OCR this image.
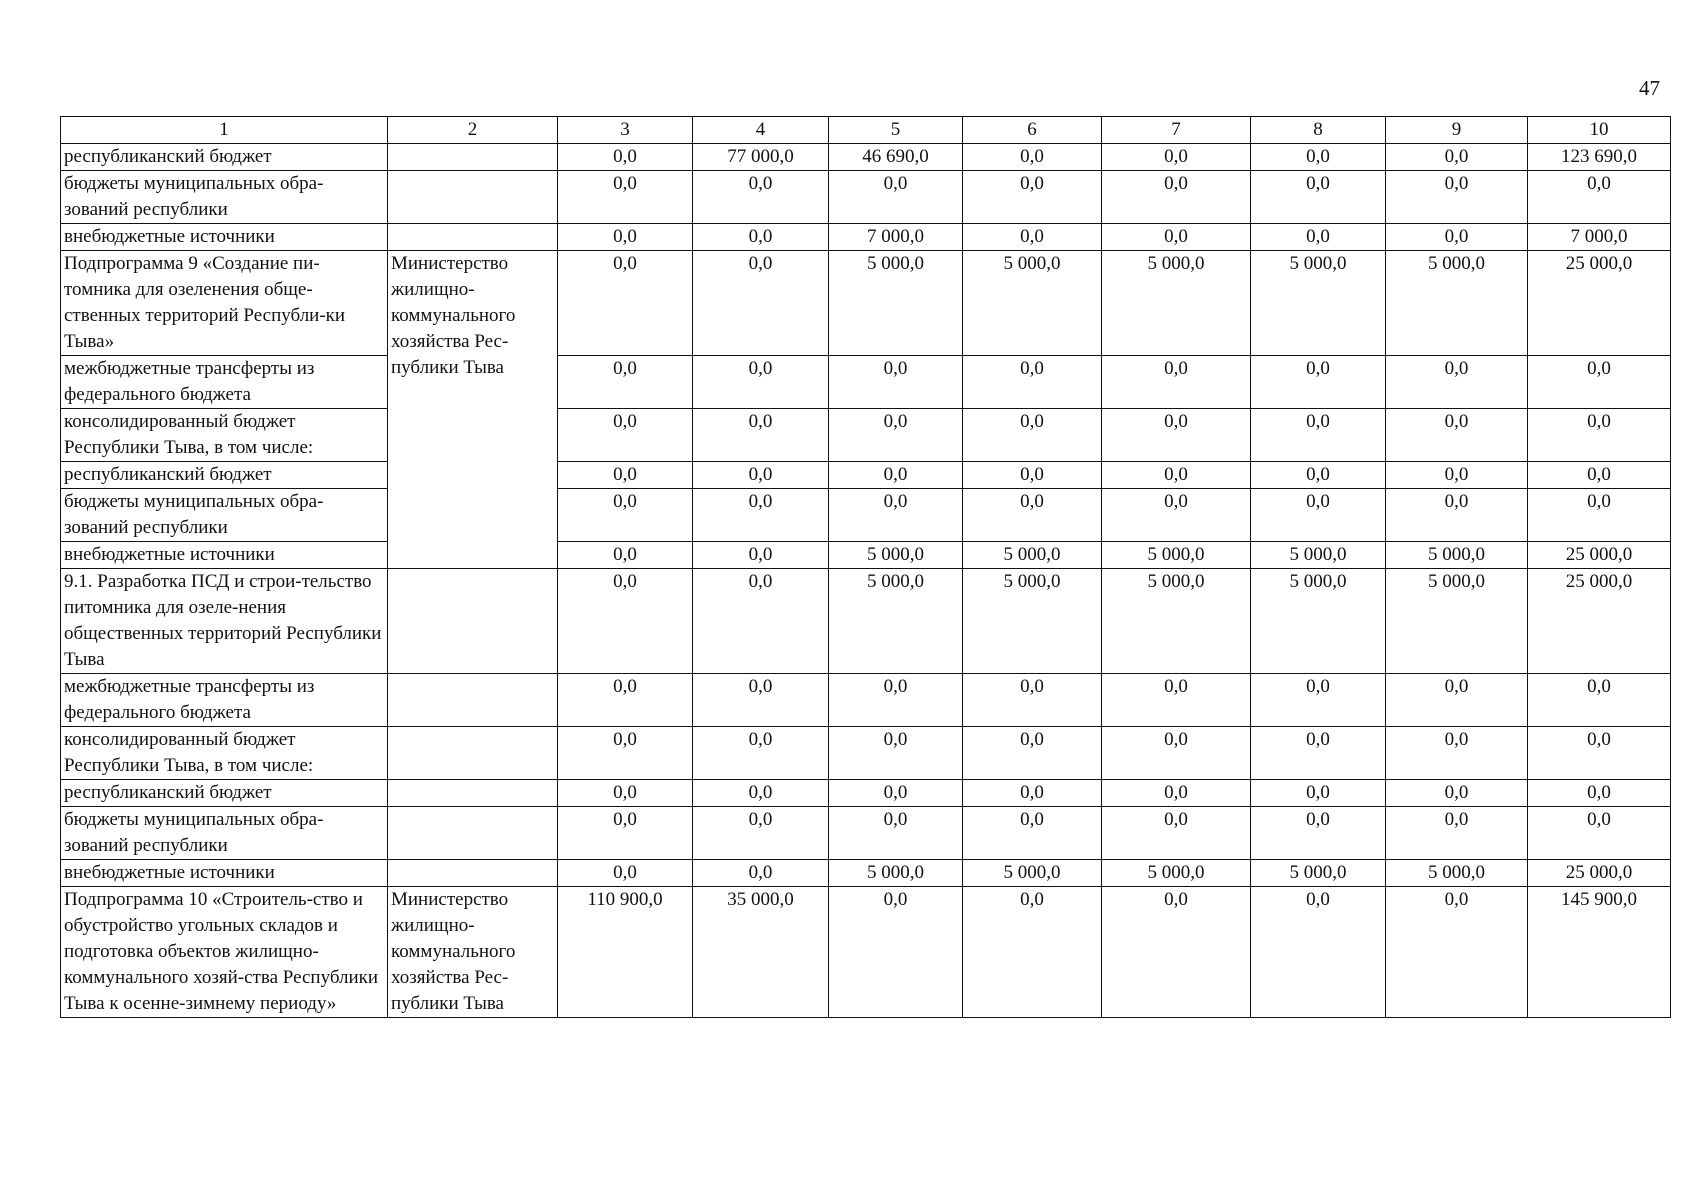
47
1	2	3	4	5	6	7	8	9	10
республиканский бюджет		0,0	77 000,0	46 690,0	0,0	0,0	0,0	0,0	123 690,0
бюджеты муниципальных обра-зований республики		0,0	0,0	0,0	0,0	0,0	0,0	0,0	0,0
внебюджетные источники		0,0	0,0	7 000,0	0,0	0,0	0,0	0,0	7 000,0
Подпрограмма 9 «Создание пи-томника для озеленения обще-ственных территорий Республи-ки Тыва»	Министерство жилищно-коммунального хозяйства Рес-публики Тыва	0,0	0,0	5 000,0	5 000,0	5 000,0	5 000,0	5 000,0	25 000,0
межбюджетные трансферты из федерального бюджета		0,0	0,0	0,0	0,0	0,0	0,0	0,0	0,0
консолидированный бюджет Республики Тыва, в том числе:		0,0	0,0	0,0	0,0	0,0	0,0	0,0	0,0
республиканский бюджет		0,0	0,0	0,0	0,0	0,0	0,0	0,0	0,0
бюджеты муниципальных обра-зований республики		0,0	0,0	0,0	0,0	0,0	0,0	0,0	0,0
внебюджетные источники		0,0	0,0	5 000,0	5 000,0	5 000,0	5 000,0	5 000,0	25 000,0
9.1. Разработка ПСД и строи-тельство питомника для озеле-нения общественных территорий Республики Тыва		0,0	0,0	5 000,0	5 000,0	5 000,0	5 000,0	5 000,0	25 000,0
межбюджетные трансферты из федерального бюджета		0,0	0,0	0,0	0,0	0,0	0,0	0,0	0,0
консолидированный бюджет Республики Тыва, в том числе:		0,0	0,0	0,0	0,0	0,0	0,0	0,0	0,0
республиканский бюджет		0,0	0,0	0,0	0,0	0,0	0,0	0,0	0,0
бюджеты муниципальных обра-зований республики		0,0	0,0	0,0	0,0	0,0	0,0	0,0	0,0
внебюджетные источники		0,0	0,0	5 000,0	5 000,0	5 000,0	5 000,0	5 000,0	25 000,0
Подпрограмма 10 «Строитель-ство и обустройство угольных складов и подготовка объектов жилищно-коммунального хозяй-ства Республики Тыва к осенне-зимнему периоду»	Министерство жилищно-коммунального хозяйства Рес-публики Тыва	110 900,0	35 000,0	0,0	0,0	0,0	0,0	0,0	145 900,0
